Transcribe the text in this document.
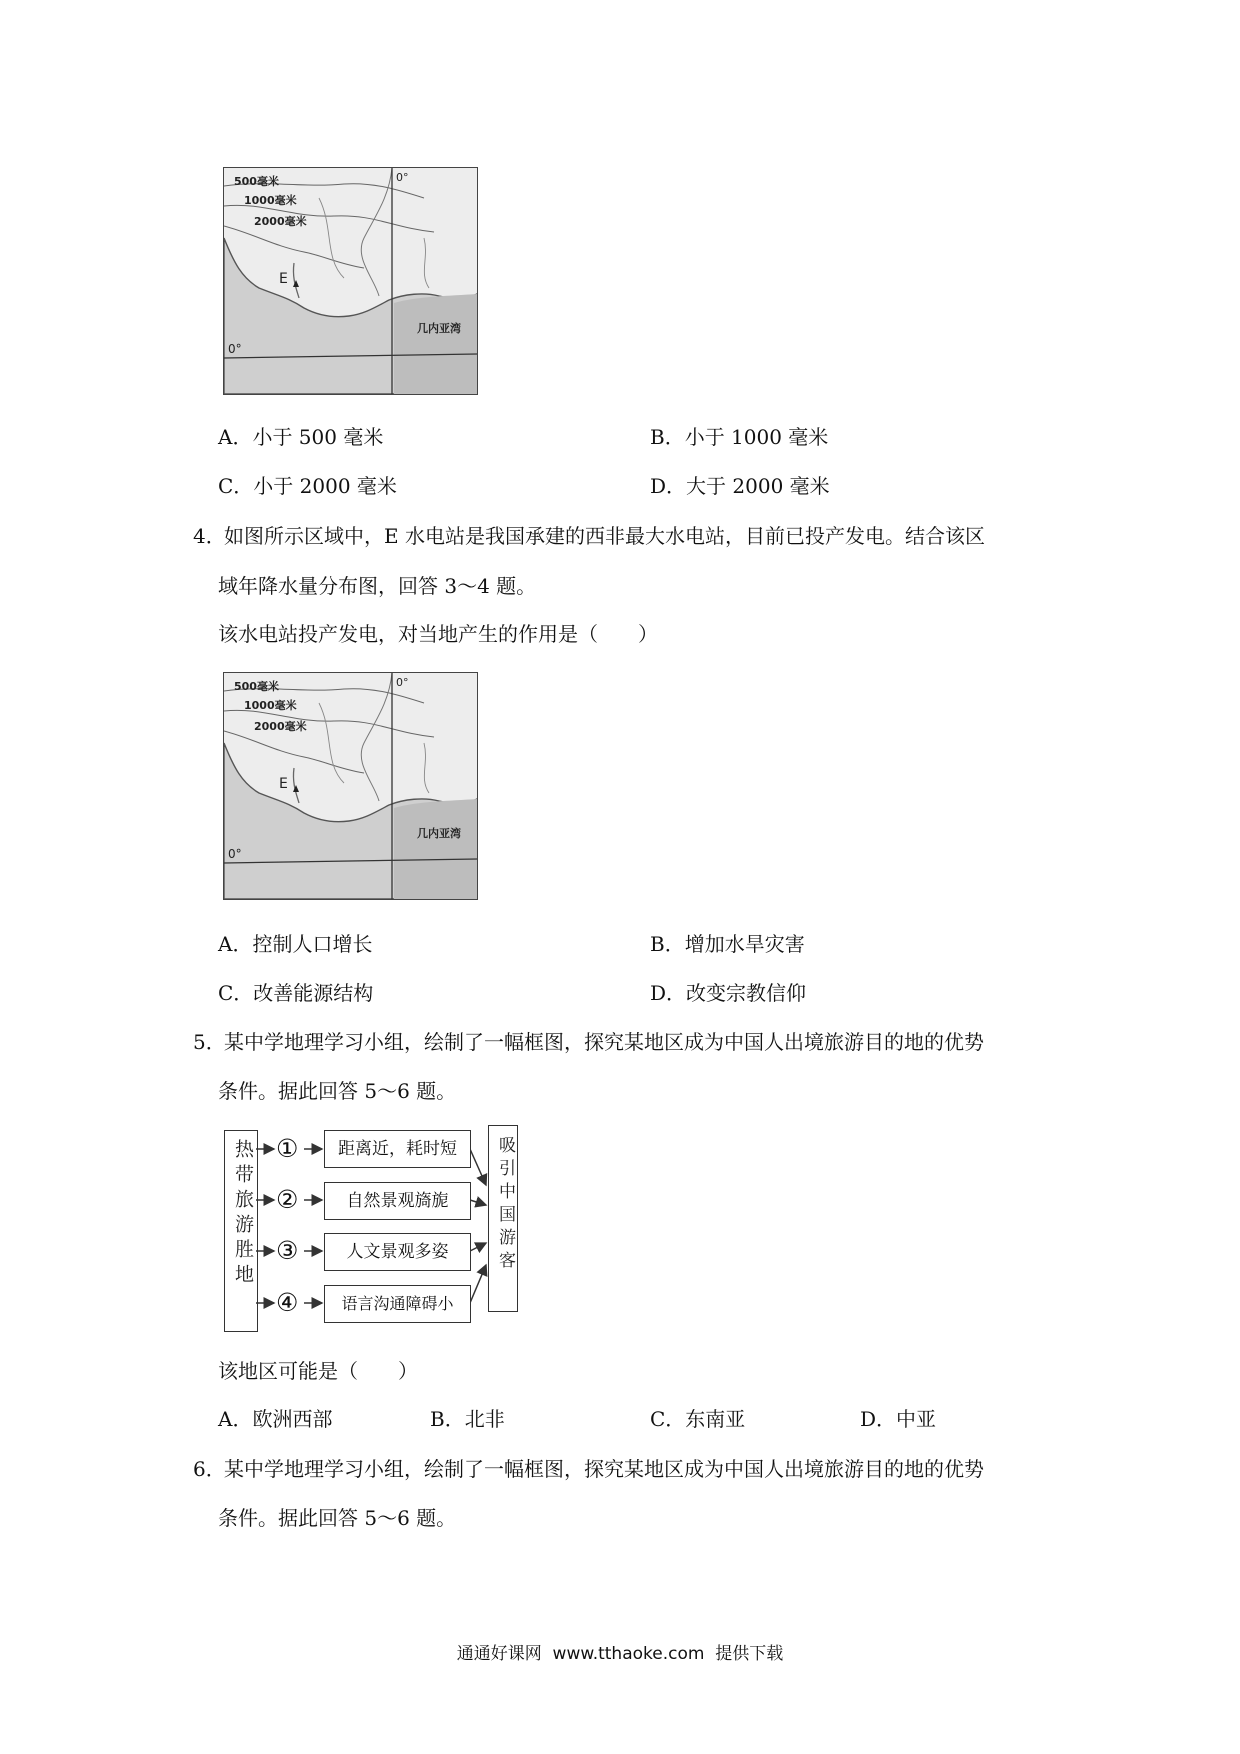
500毫米
1000毫米
2000毫米
0°
0°
E
几内亚湾
A．小于 500 毫米	B．小于 1000 毫米
C．小于 2000 毫米	D．大于 2000 毫米
4．
如图所示区域中，E 水电站是我国承建的西非最大水电站，目前已投产发电。结合该区
域年降水量分布图，回答 3～4 题。
该水电站投产发电，对当地产生的作用是（　　）
500毫米
1000毫米
2000毫米
0°
0°
E
几内亚湾
A．控制人口增长	B．增加水旱灾害
C．改善能源结构	D．改变宗教信仰
5．
某中学地理学习小组，绘制了一幅框图，探究某地区成为中国人出境旅游目的地的优势
条件。据此回答 5～6 题。
热带旅游胜地 ①
②
③
④
距离近，耗时短
自然景观旖旎
人文景观多姿
语言沟通障碍小
吸引中国游客
该地区可能是（　　）
A．欧洲西部	B．北非	C．东南亚	D．中亚
6．
某中学地理学习小组，绘制了一幅框图，探究某地区成为中国人出境旅游目的地的优势
条件。据此回答 5～6 题。
通通好课网  www.tthaoke.com  提供下载
